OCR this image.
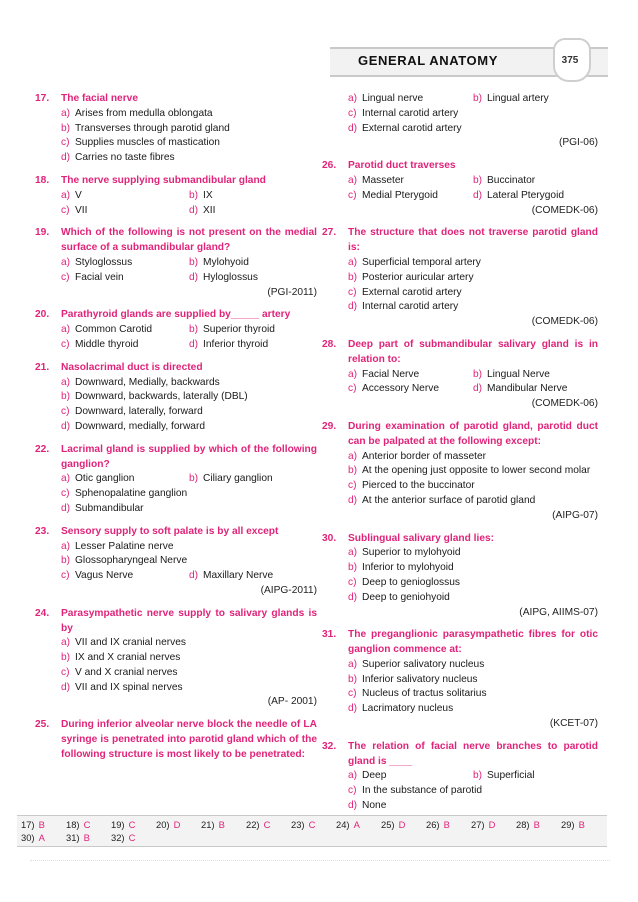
GENERAL ANATOMY	375
17.	The facial nerve
a) Arises from medulla oblongata
b) Transverses through parotid gland
c) Supplies muscles of mastication
d) Carries no taste fibres
18.	The nerve supplying submandibular gland
a) V	b) IX
c) VII	d) XII
19.	Which of the following is not present on the medial surface of a submandibular gland?
a) Styloglossus	b) Mylohyoid
c) Facial vein	d) Hyloglossus
(PGI-2011)
20.	Parathyroid glands are supplied by_____ artery
a) Common Carotid	b) Superior thyroid
c) Middle thyroid	d) Inferior thyroid
21.	Nasolacrimal duct is directed
a) Downward, Medially, backwards
b) Downward, backwards, laterally (DBL)
c) Downward, laterally, forward
d) Downward, medially, forward
22.	Lacrimal gland is supplied by which of the following ganglion?
a) Otic ganglion	b) Ciliary ganglion
c) Sphenopalatine ganglion
d) Submandibular
23.	Sensory supply to soft palate is by all except
a) Lesser Palatine nerve
b) Glossopharyngeal Nerve
c) Vagus Nerve	d) Maxillary Nerve
(AIPG-2011)
24.	Parasympathetic nerve supply to salivary glands is by
a) VII and IX cranial nerves
b) IX and X cranial nerves
c) V and X cranial nerves
d) VII and IX spinal nerves
(AP- 2001)
25.	During inferior alveolar nerve block the needle of LA syringe is penetrated into parotid gland which of the following structure is most likely to be penetrated:
a) Lingual nerve	b) Lingual artery
c) Internal carotid artery
d) External carotid artery
(PGI-06)
26.	Parotid duct traverses
a) Masseter	b) Buccinator
c) Medial Pterygoid	d) Lateral Pterygoid
(COMEDK-06)
27.	The structure that does not traverse parotid gland is:
a) Superficial temporal artery
b) Posterior auricular artery
c) External carotid artery
d) Internal carotid artery
(COMEDK-06)
28.	Deep part of submandibular salivary gland is in relation to:
a) Facial Nerve	b) Lingual Nerve
c) Accessory Nerve	d) Mandibular Nerve
(COMEDK-06)
29.	During examination of parotid gland, parotid duct can be palpated at the following except:
a) Anterior border of masseter
b) At the opening just opposite to lower second molar
c) Pierced to the buccinator
d) At the anterior surface of parotid gland
(AIPG-07)
30.	Sublingual salivary gland lies:
a) Superior to mylohyoid
b) Inferior to mylohyoid
c) Deep to genioglossus
d) Deep to geniohyoid
(AIPG, AIIMS-07)
31.	The preganglionic parasympathetic fibres for otic ganglion commence at:
a) Superior salivatory nucleus
b) Inferior salivatory nucleus
c) Nucleus of tractus solitarius
d) Lacrimatory nucleus
(KCET-07)
32.	The relation of facial nerve branches to parotid gland is ____
a) Deep	b) Superficial
c) In the substance of parotid
d) None
17) B 18) C 19) C 20) D 21) B 22) C 23) C 24) A 25) D 26) B 27) D 28) B 29) B
30) A 31) B 32) C
